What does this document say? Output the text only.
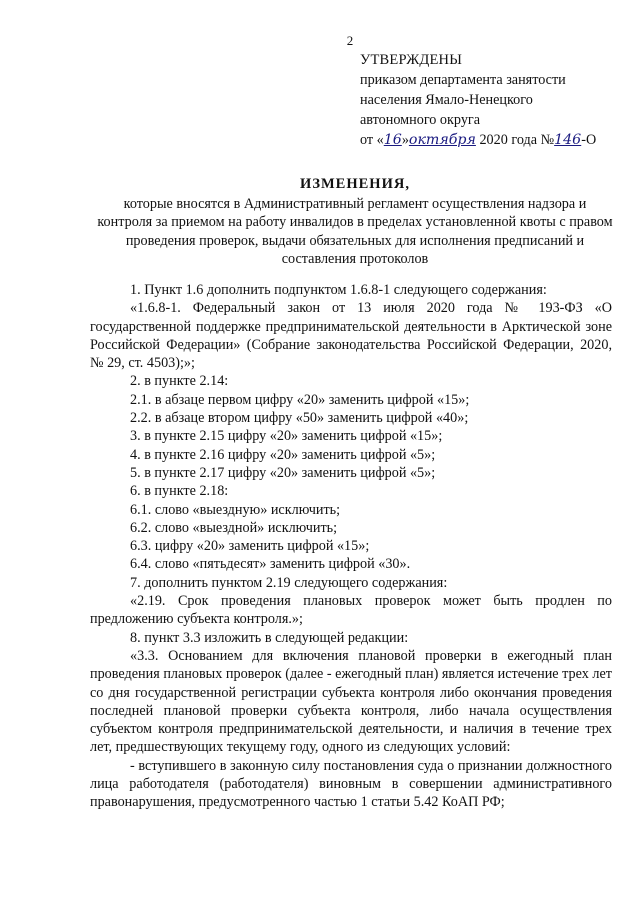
2
УТВЕРЖДЕНЫ
приказом департамента занятости
населения Ямало-Ненецкого
автономного округа
от «16»октября 2020 года №146-О
ИЗМЕНЕНИЯ,
которые вносятся в Административный регламент осуществления надзора и контроля за приемом на работу инвалидов в пределах установленной квоты с правом проведения проверок, выдачи обязательных для исполнения предписаний и составления протоколов

1. Пункт 1.6 дополнить подпунктом 1.6.8-1 следующего содержания:

«1.6.8-1. Федеральный закон от 13 июля 2020 года № 193-ФЗ «О государственной поддержке предпринимательской деятельности в Арктической зоне Российской Федерации» (Собрание законодательства Российской Федерации, 2020, № 29, ст. 4503);»;

2. в пункте 2.14:

2.1. в абзаце первом цифру «20» заменить цифрой «15»;

2.2. в абзаце втором цифру «50» заменить цифрой «40»;

3. в пункте 2.15 цифру «20» заменить цифрой «15»;

4. в пункте 2.16 цифру «20» заменить цифрой «5»;

5. в пункте 2.17 цифру «20» заменить цифрой «5»;

6. в пункте 2.18:

6.1. слово «выездную» исключить;

6.2. слово «выездной» исключить;

6.3. цифру «20» заменить цифрой «15»;

6.4. слово «пятьдесят» заменить цифрой «30».

7. дополнить пунктом 2.19 следующего содержания:

«2.19. Срок проведения плановых проверок может быть продлен по предложению субъекта контроля.»;

8. пункт 3.3 изложить в следующей редакции:

«3.3. Основанием для включения плановой проверки в ежегодный план проведения плановых проверок (далее - ежегодный план) является истечение трех лет со дня государственной регистрации субъекта контроля либо окончания проведения последней плановой проверки субъекта контроля, либо начала осуществления субъектом контроля предпринимательской деятельности, и наличия в течение трех лет, предшествующих текущему году, одного из следующих условий:

- вступившего в законную силу постановления суда о признании должностного лица работодателя (работодателя) виновным в совершении административного правонарушения, предусмотренного частью 1 статьи 5.42 КоАП РФ;
